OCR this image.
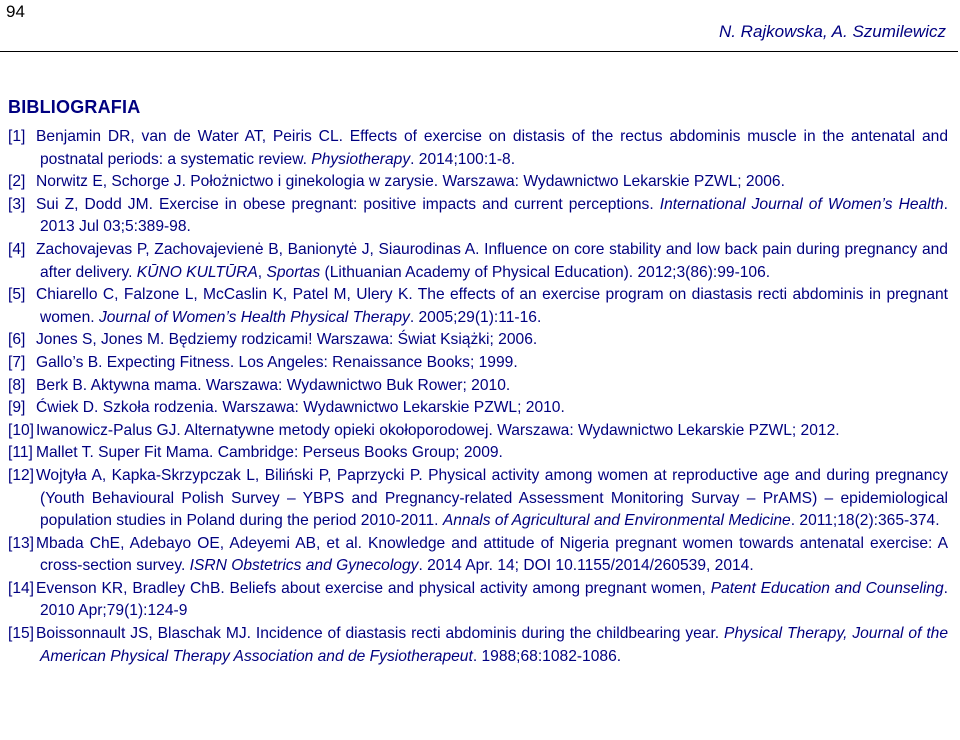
94
N. Rajkowska, A. Szumilewicz
BIBLIOGRAFIA
[1] Benjamin DR, van de Water AT, Peiris CL. Effects of exercise on distasis of the rectus abdominis muscle in the antenatal and postnatal periods: a systematic review. Physiotherapy. 2014;100:1-8.
[2] Norwitz E, Schorge J. Położnictwo i ginekologia w zarysie. Warszawa: Wydawnictwo Lekarskie PZWL; 2006.
[3] Sui Z, Dodd JM. Exercise in obese pregnant: positive impacts and current perceptions. International Journal of Women’s Health. 2013 Jul 03;5:389-98.
[4] Zachovajevas P, Zachovajevienė B, Banionytė J, Siaurodinas A. Influence on core stability and low back pain during pregnancy and after delivery. KŪNO KULTŪRA, Sportas (Lithuanian Academy of Physical Education). 2012;3(86):99-106.
[5] Chiarello C, Falzone L, McCaslin K, Patel M, Ulery K. The effects of an exercise program on diastasis recti abdominis in pregnant women. Journal of Women’s Health Physical Therapy. 2005;29(1):11-16.
[6] Jones S, Jones M. Będziemy rodzicami! Warszawa: Świat Książki; 2006.
[7] Gallo’s B. Expecting Fitness. Los Angeles: Renaissance Books; 1999.
[8] Berk B. Aktywna mama. Warszawa: Wydawnictwo Buk Rower; 2010.
[9] Ćwiek D. Szkoła rodzenia. Warszawa: Wydawnictwo Lekarskie PZWL; 2010.
[10] Iwanowicz-Palus GJ. Alternatywne metody opieki okołoporodowej. Warszawa: Wydawnictwo Lekarskie PZWL; 2012.
[11] Mallet T. Super Fit Mama. Cambridge: Perseus Books Group; 2009.
[12] Wojtyła A, Kapka-Skrzypczak L, Biliński P, Paprzycki P. Physical activity among women at reproductive age and during pregnancy (Youth Behavioural Polish Survey – YBPS and Pregnancy-related Assessment Monitoring Survay – PrAMS) – epidemiological population studies in Poland during the period 2010-2011. Annals of Agricultural and Environmental Medicine. 2011;18(2):365-374.
[13] Mbada ChE, Adebayo OE, Adeyemi AB, et al. Knowledge and attitude of Nigeria pregnant women towards antenatal exercise: A cross-section survey. ISRN Obstetrics and Gynecology. 2014 Apr. 14; DOI 10.1155/2014/260539, 2014.
[14] Evenson KR, Bradley ChB. Beliefs about exercise and physical activity among pregnant women, Patent Education and Counseling. 2010 Apr;79(1):124-9
[15] Boissonnault JS, Blaschak MJ. Incidence of diastasis recti abdominis during the childbearing year. Physical Therapy, Journal of the American Physical Therapy Association and de Fysiotherapeut. 1988;68:1082-1086.
